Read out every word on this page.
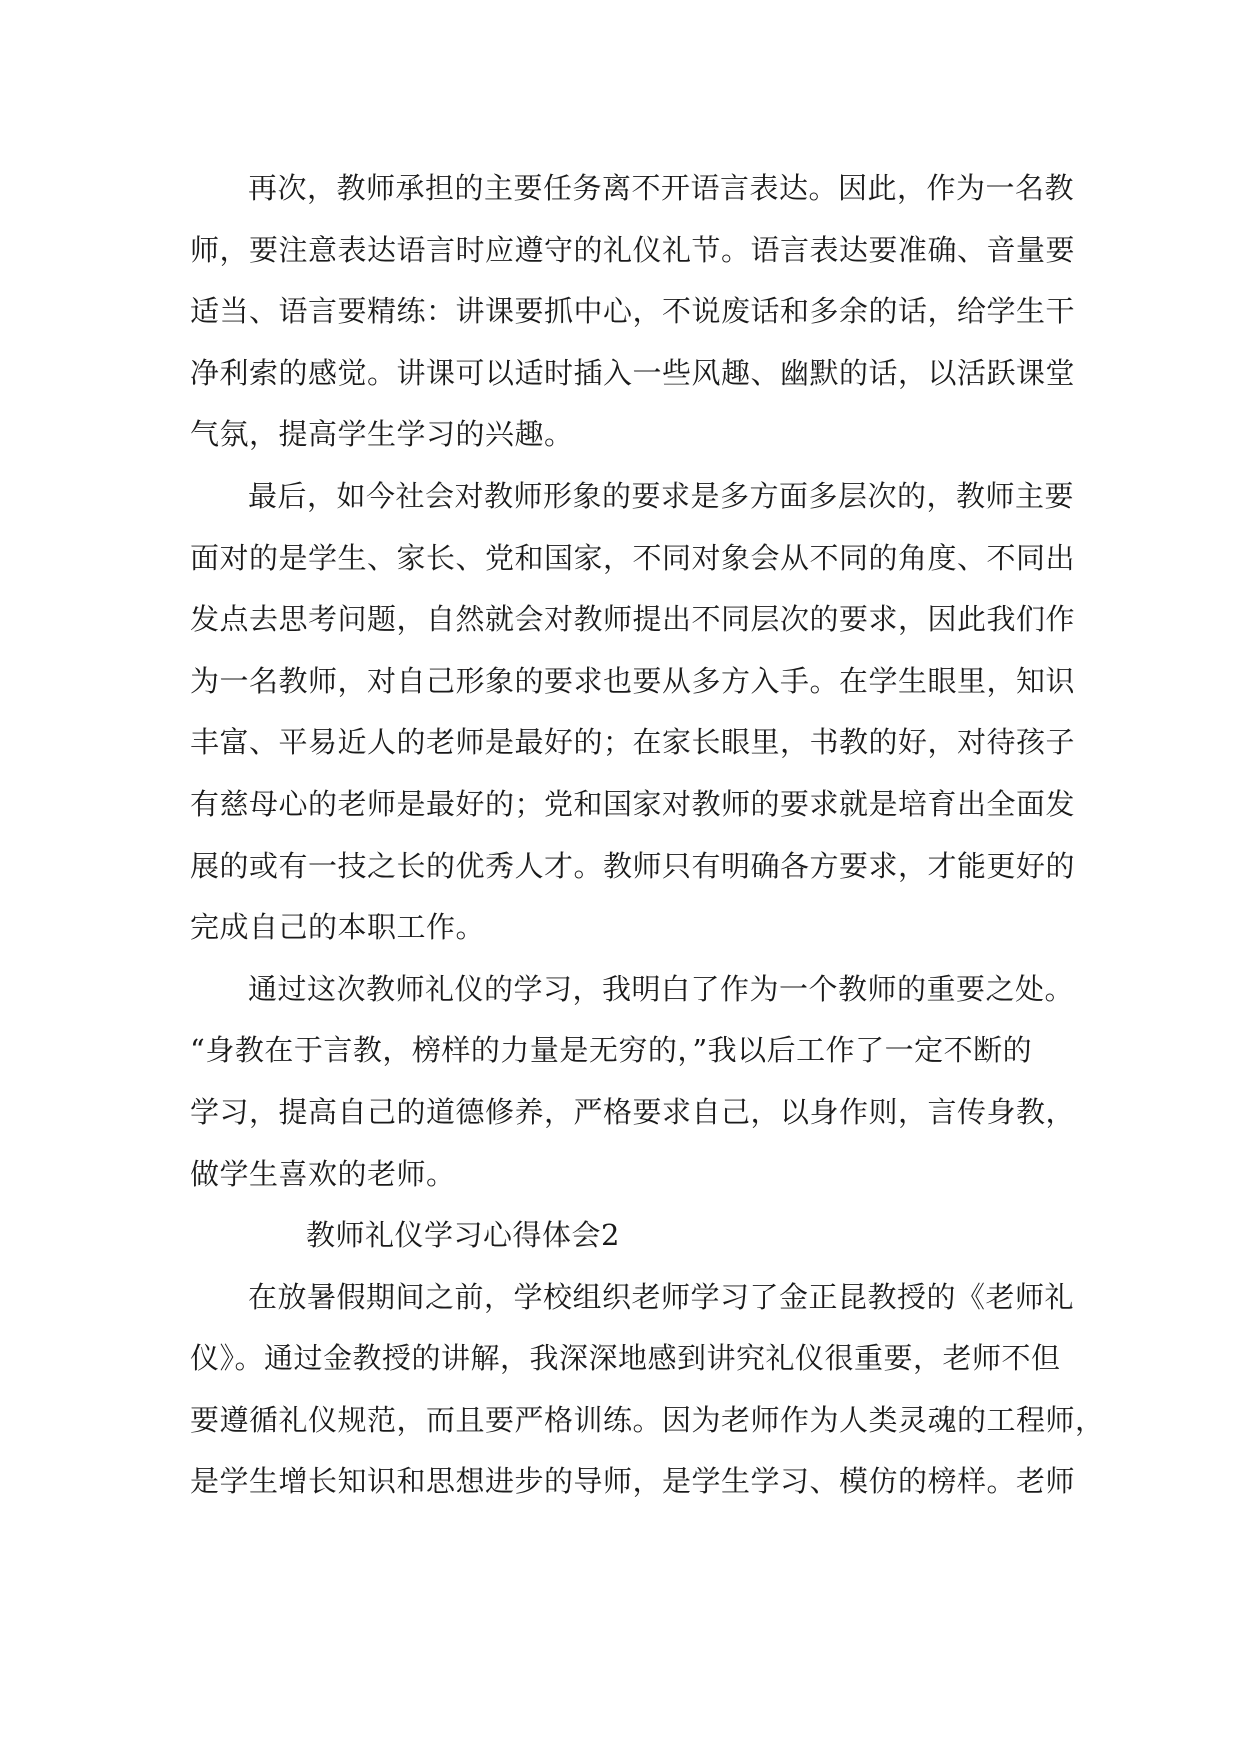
再次，教师承担的主要任务离不开语言表达。因此，作为一名教
师，要注意表达语言时应遵守的礼仪礼节。语言表达要准确、音量要
适当、语言要精练：讲课要抓中心，不说废话和多余的话，给学生干
净利索的感觉。讲课可以适时插入一些风趣、幽默的话，以活跃课堂
气氛，提高学生学习的兴趣。
最后，如今社会对教师形象的要求是多方面多层次的，教师主要
面对的是学生、家长、党和国家，不同对象会从不同的角度、不同出
发点去思考问题，自然就会对教师提出不同层次的要求，因此我们作
为一名教师，对自己形象的要求也要从多方入手。在学生眼里，知识
丰富、平易近人的老师是最好的；在家长眼里，书教的好，对待孩子
有慈母心的老师是最好的；党和国家对教师的要求就是培育出全面发
展的或有一技之长的优秀人才。教师只有明确各方要求，才能更好的
完成自己的本职工作。
通过这次教师礼仪的学习，我明白了作为一个教师的重要之处。
“身教在于言教，榜样的力量是无穷的，”我以后工作了一定不断的
学习，提高自己的道德修养，严格要求自己，以身作则，言传身教，
做学生喜欢的老师。
教师礼仪学习心得体会2
在放暑假期间之前，学校组织老师学习了金正昆教授的《老师礼
仪》。通过金教授的讲解，我深深地感到讲究礼仪很重要，老师不但
要遵循礼仪规范，而且要严格训练。因为老师作为人类灵魂的工程师，
是学生增长知识和思想进步的导师，是学生学习、模仿的榜样。老师
